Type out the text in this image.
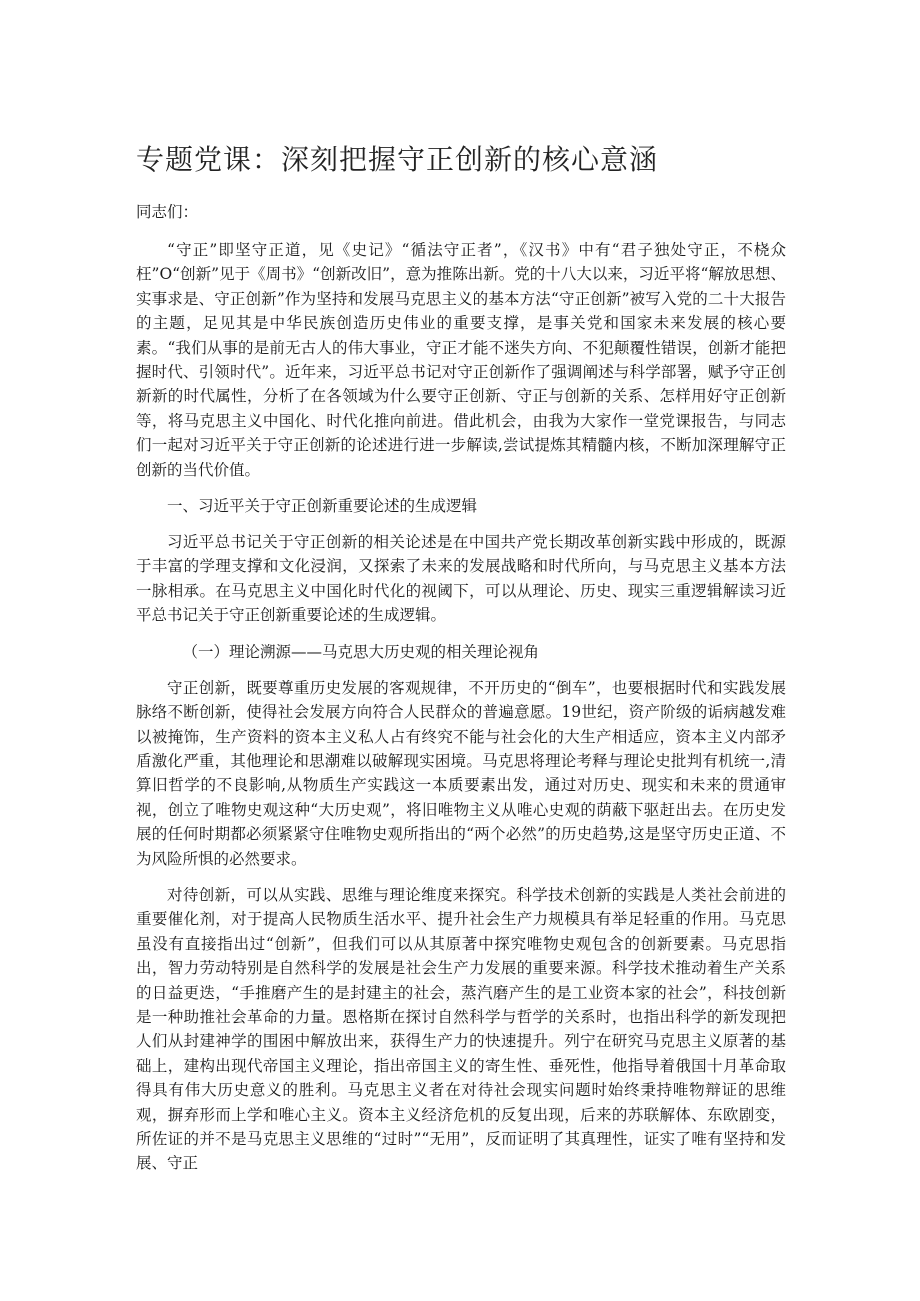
专题党课：深刻把握守正创新的核心意涵

同志们：

“守正”即坚守正道，见《史记》“循法守正者”，《汉书》中有“君子独处守正，不桡众枉”O“创新”见于《周书》“创新改旧”，意为推陈出新。党的十八大以来，习近平将“解放思想、实事求是、守正创新”作为坚持和发展马克思主义的基本方法“守正创新”被写入党的二十大报告的主题，足见其是中华民族创造历史伟业的重要支撑，是事关党和国家未来发展的核心要素。“我们从事的是前无古人的伟大事业，守正才能不迷失方向、不犯颠覆性错误，创新才能把握时代、引领时代”。近年来，习近平总书记对守正创新作了强调阐述与科学部署，赋予守正创新新的时代属性，分析了在各领域为什么要守正创新、守正与创新的关系、怎样用好守正创新等，将马克思主义中国化、时代化推向前进。借此机会，由我为大家作一堂党课报告，与同志们一起对习近平关于守正创新的论述进行进一步解读,尝试提炼其精髓内核，不断加深理解守正创新的当代价值。

一、习近平关于守正创新重要论述的生成逻辑

习近平总书记关于守正创新的相关论述是在中国共产党长期改革创新实践中形成的，既源于丰富的学理支撑和文化浸润，又探索了未来的发展战略和时代所向，与马克思主义基本方法一脉相承。在马克思主义中国化时代化的视阈下，可以从理论、历史、现实三重逻辑解读习近平总书记关于守正创新重要论述的生成逻辑。

（一）理论溯源——马克思大历史观的相关理论视角

守正创新，既要尊重历史发展的客观规律，不开历史的“倒车”，也要根据时代和实践发展脉络不断创新，使得社会发展方向符合人民群众的普遍意愿。19世纪，资产阶级的诟病越发难以被掩饰，生产资料的资本主义私人占有终究不能与社会化的大生产相适应，资本主义内部矛盾激化严重，其他理论和思潮难以破解现实困境。马克思将理论考释与理论史批判有机统一,清算旧哲学的不良影响,从物质生产实践这一本质要素出发，通过对历史、现实和未来的贯通审视，创立了唯物史观这种“大历史观”，将旧唯物主义从唯心史观的荫蔽下驱赶出去。在历史发展的任何时期都必须紧紧守住唯物史观所指出的“两个必然”的历史趋势,这是坚守历史正道、不为风险所惧的必然要求。

对待创新，可以从实践、思维与理论维度来探究。科学技术创新的实践是人类社会前进的重要催化剂，对于提高人民物质生活水平、提升社会生产力规模具有举足轻重的作用。马克思虽没有直接指出过“创新”，但我们可以从其原著中探究唯物史观包含的创新要素。马克思指出，智力劳动特别是自然科学的发展是社会生产力发展的重要来源。科学技术推动着生产关系的日益更迭，“手推磨产生的是封建主的社会，蒸汽磨产生的是工业资本家的社会”，科技创新是一种助推社会革命的力量。恩格斯在探讨自然科学与哲学的关系时，也指出科学的新发现把人们从封建神学的围困中解放出来，获得生产力的快速提升。列宁在研究马克思主义原著的基础上，建构出现代帝国主义理论，指出帝国主义的寄生性、垂死性，他指导着俄国十月革命取得具有伟大历史意义的胜利。马克思主义者在对待社会现实问题时始终秉持唯物辩证的思维观，摒弃形而上学和唯心主义。资本主义经济危机的反复出现，后来的苏联解体、东欧剧变，所佐证的并不是马克思主义思维的“过时”“无用”，反而证明了其真理性，证实了唯有坚持和发展、守正
